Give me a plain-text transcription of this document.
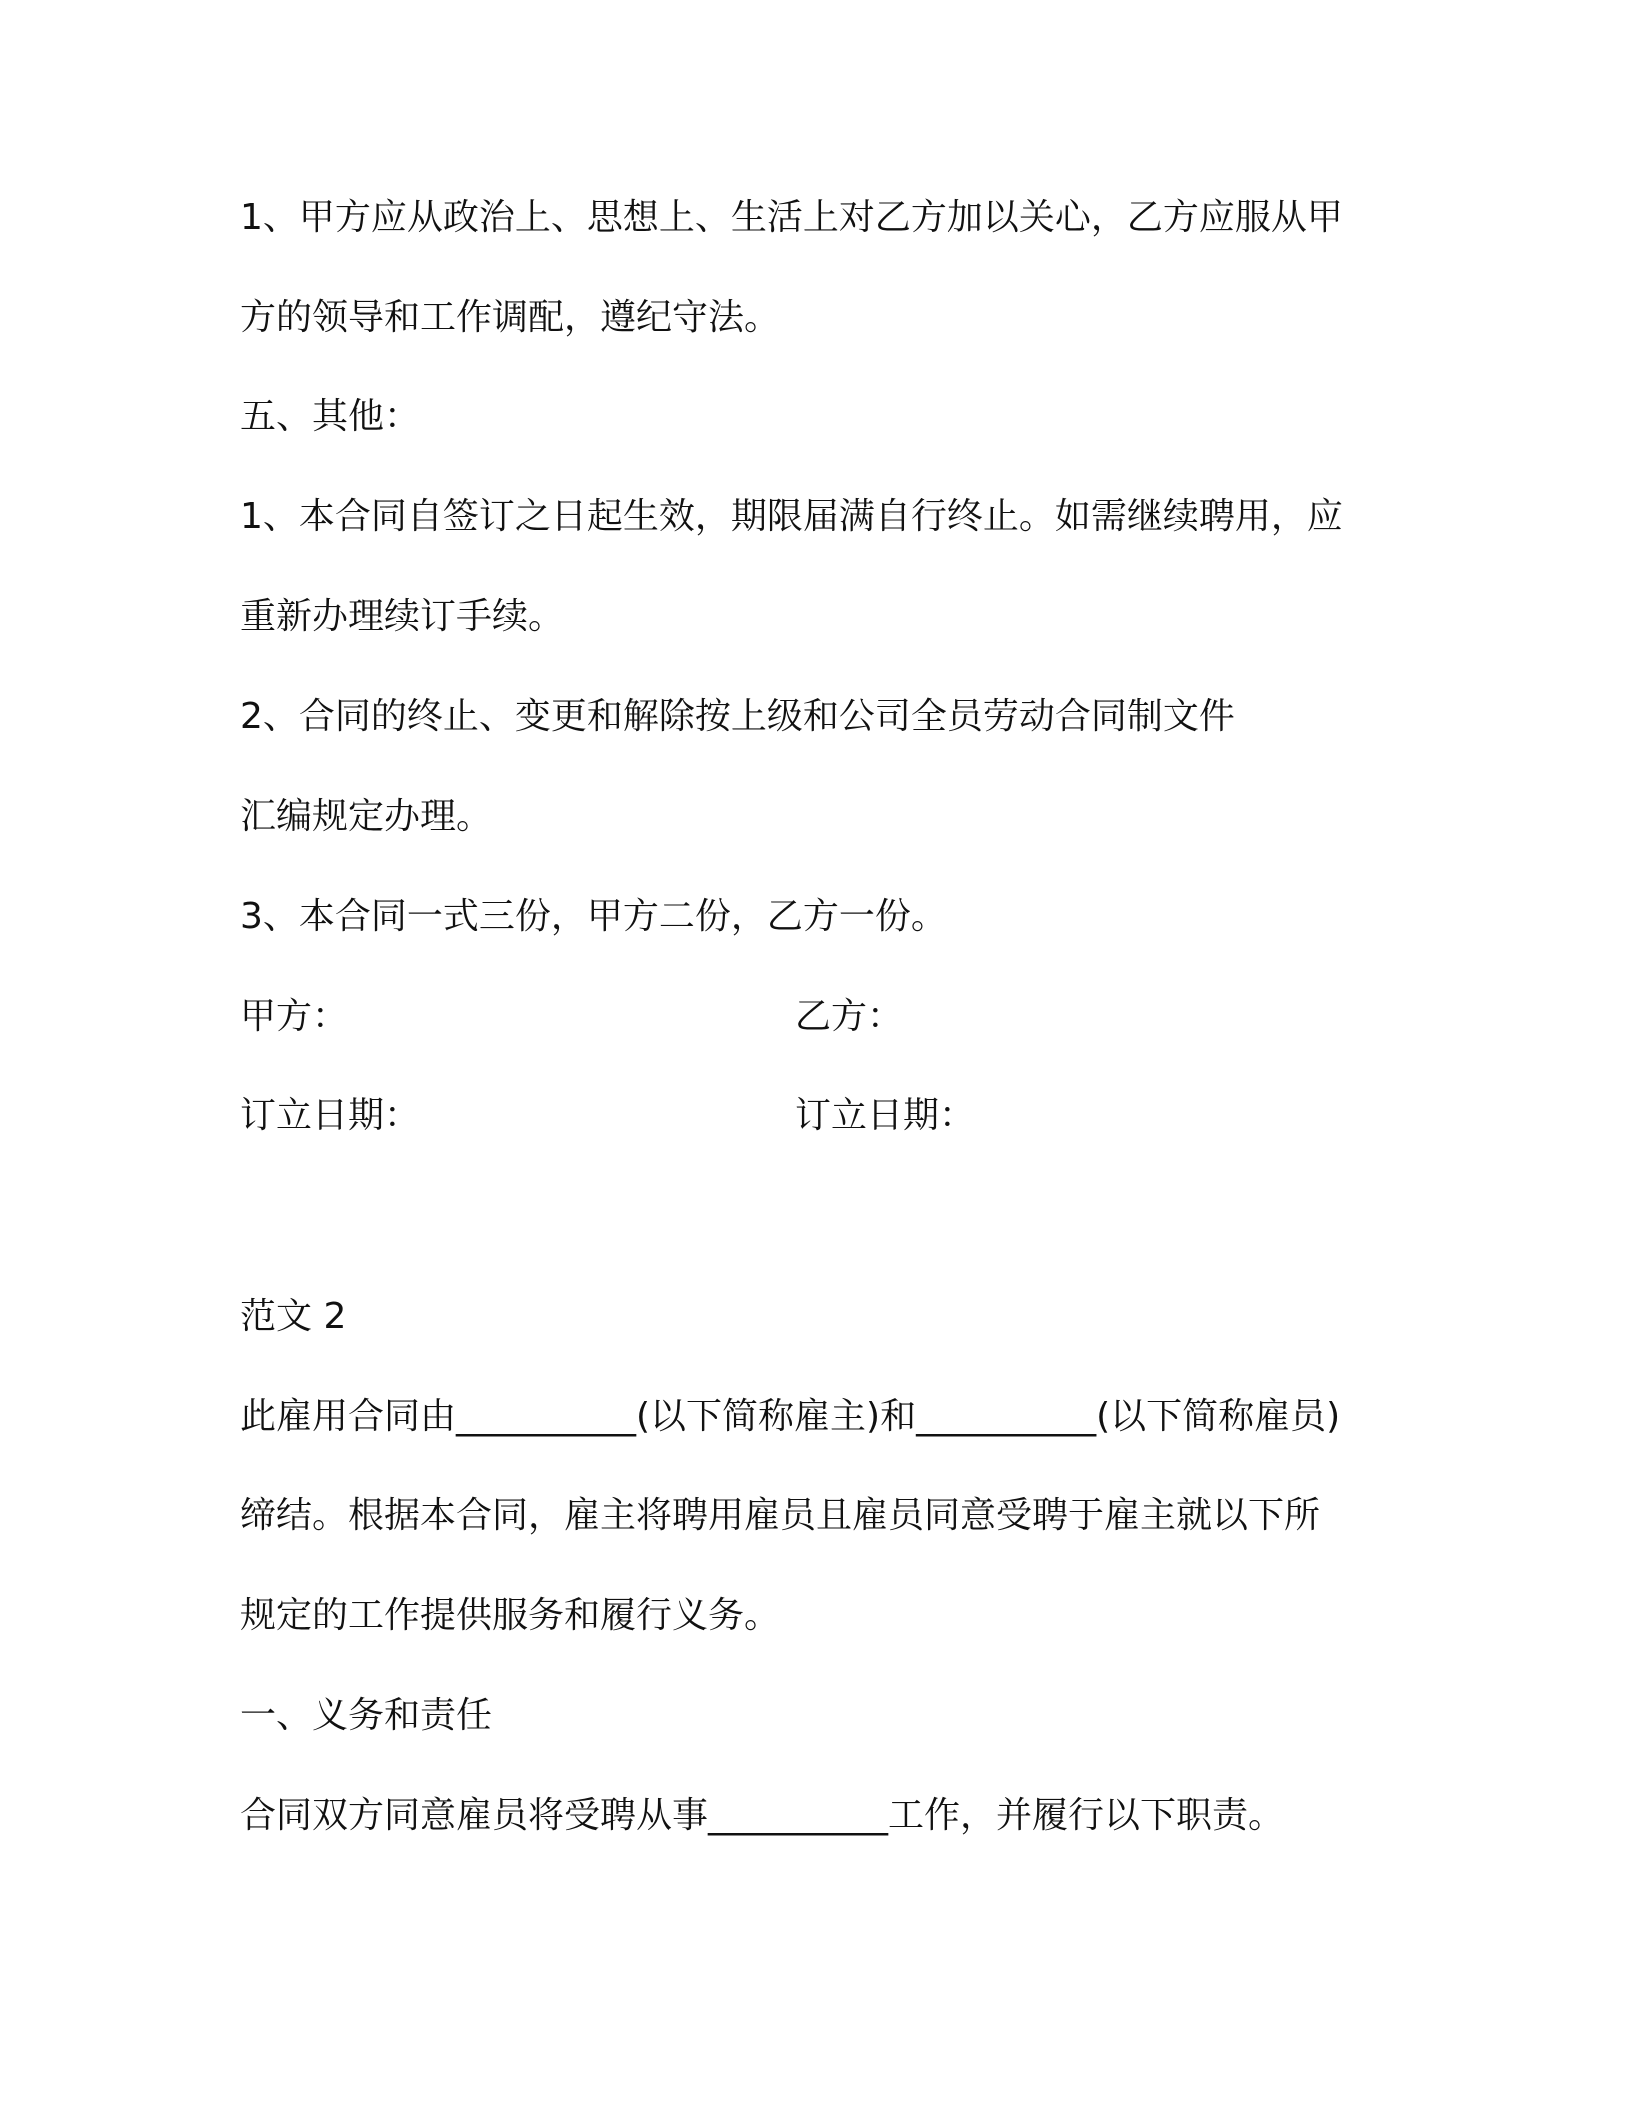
1、甲方应从政治上、思想上、生活上对乙方加以关心，乙方应服从甲
方的领导和工作调配，遵纪守法。
五、其他：
1、本合同自签订之日起生效，期限届满自行终止。如需继续聘用，应
重新办理续订手续。
2、合同的终止、变更和解除按上级和公司全员劳动合同制文件
汇编规定办理。
3、本合同一式三份，甲方二份，乙方一份。
甲方：	乙方：
订立日期：	订立日期：
范文 2
此雇用合同由__________(以下简称雇主)和__________(以下简称雇员)
缔结。根据本合同，雇主将聘用雇员且雇员同意受聘于雇主就以下所
规定的工作提供服务和履行义务。
一、义务和责任
合同双方同意雇员将受聘从事__________工作，并履行以下职责。
